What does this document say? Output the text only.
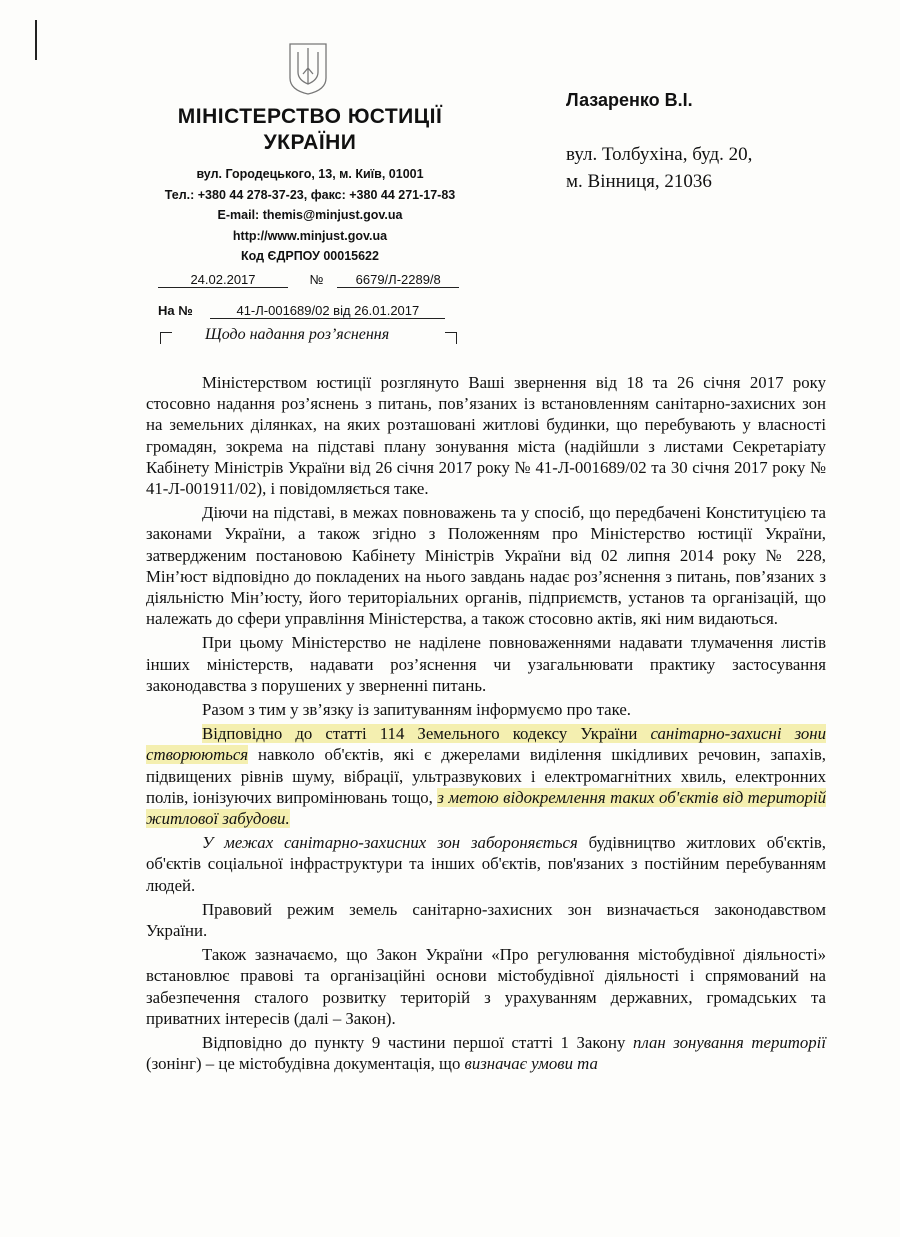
МІНІСТЕРСТВО ЮСТИЦІЇ
УКРАЇНИ
вул. Городецького, 13, м. Київ, 01001
Тел.: +380 44 278-37-23, факс: +380 44 271-17-83
E-mail: themis@minjust.gov.ua
http://www.minjust.gov.ua
Код ЄДРПОУ 00015622
Лазаренко В.І.
вул. Толбухіна, буд. 20,
м. Вінниця, 21036
24.02.2017	№ 6679/Л-2289/8
На №	41-Л-001689/02 від 26.01.2017
Щодо надання роз’яснення

Міністерством юстиції розглянуто Ваші звернення від 18 та 26 січня 2017 року стосовно надання роз’яснень з питань, пов’язаних із встановленням санітарно-захисних зон на земельних ділянках, на яких розташовані житлові будинки, що перебувають у власності громадян, зокрема на підставі плану зонування міста (надійшли з листами Секретаріату Кабінету Міністрів України від 26 січня 2017 року № 41-Л-001689/02 та 30 січня 2017 року № 41-Л-001911/02), і повідомляється таке.

Діючи на підставі, в межах повноважень та у спосіб, що передбачені Конституцією та законами України, а також згідно з Положенням про Міністерство юстиції України, затвердженим постановою Кабінету Міністрів України від 02 липня 2014 року № 228, Мін’юст відповідно до покладених на нього завдань надає роз’яснення з питань, пов’язаних з діяльністю Мін’юсту, його територіальних органів, підприємств, установ та організацій, що належать до сфери управління Міністерства, а також стосовно актів, які ним видаються.

При цьому Міністерство не наділене повноваженнями надавати тлумачення листів інших міністерств, надавати роз’яснення чи узагальнювати практику застосування законодавства з порушених у зверненні питань.

Разом з тим у зв’язку із запитуванням інформуємо про таке.

Відповідно до статті 114 Земельного кодексу України санітарно-захисні зони створюються навколо об'єктів, які є джерелами виділення шкідливих речовин, запахів, підвищених рівнів шуму, вібрації, ультразвукових і електромагнітних хвиль, електронних полів, іонізуючих випромінювань тощо, з метою відокремлення таких об'єктів від територій житлової забудови.

У межах санітарно-захисних зон забороняється будівництво житлових об'єктів, об'єктів соціальної інфраструктури та інших об'єктів, пов'язаних з постійним перебуванням людей.

Правовий режим земель санітарно-захисних зон визначається законодавством України.

Також зазначаємо, що Закон України «Про регулювання містобудівної діяльності» встановлює правові та організаційні основи містобудівної діяльності і спрямований на забезпечення сталого розвитку територій з урахуванням державних, громадських та приватних інтересів (далі – Закон).

Відповідно до пункту 9 частини першої статті 1 Закону план зонування території (зонінг) – це містобудівна документація, що визначає умови та
